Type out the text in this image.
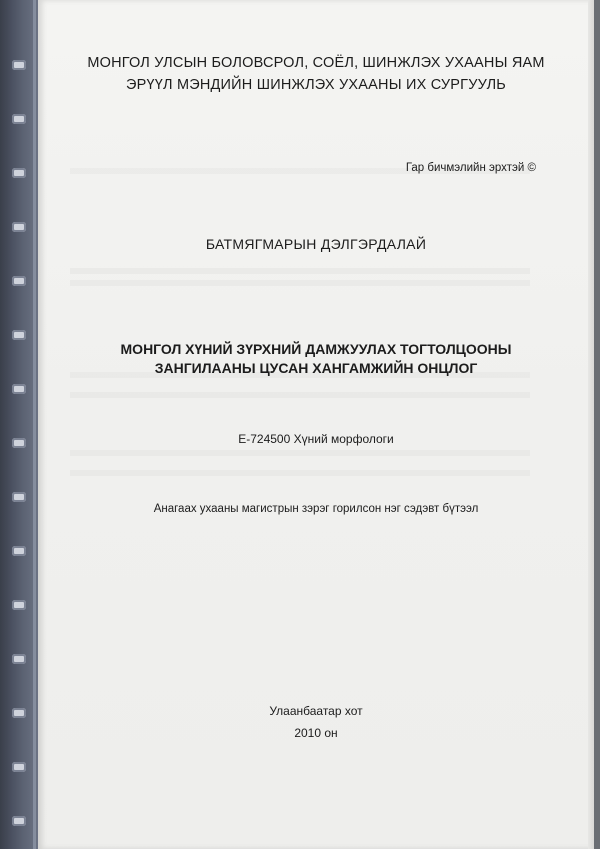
МОНГОЛ УЛСЫН БОЛОВСРОЛ, СОЁЛ, ШИНЖЛЭХ УХААНЫ ЯАМ
ЭРҮҮЛ МЭНДИЙН ШИНЖЛЭХ УХААНЫ ИХ СУРГУУЛЬ

Гар бичмэлийн эрхтэй ©

БАТМЯГМАРЫН ДЭЛГЭРДАЛАЙ

МОНГОЛ ХҮНИЙ ЗҮРХНИЙ ДАМЖУУЛАХ ТОГТОЛЦООНЫ
ЗАНГИЛААНЫ ЦУСАН ХАНГАМЖИЙН ОНЦЛОГ

Е-724500 Хүний морфологи

Анагаах ухааны магистрын зэрэг горилсон нэг сэдэвт бүтээл

Улаанбаатар хот
2010 он
